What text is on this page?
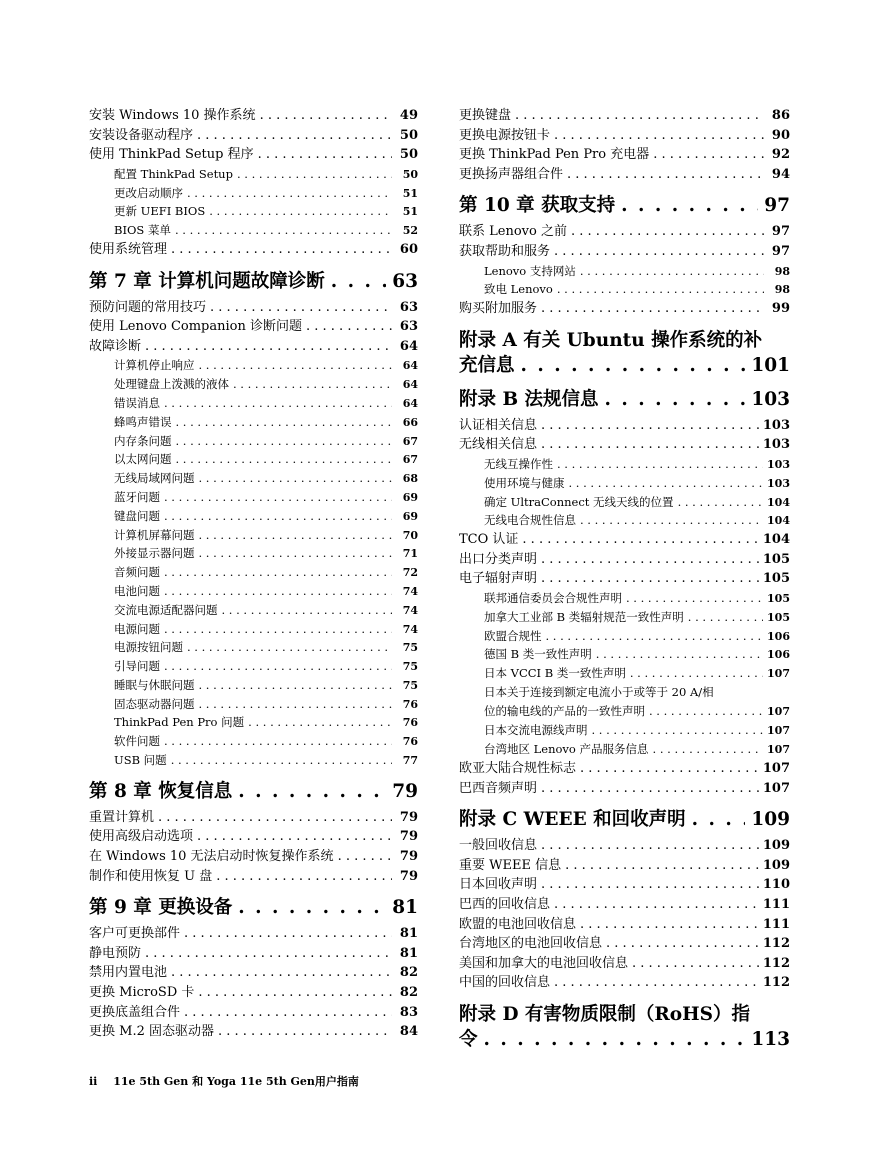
安装 Windows 10 操作系统 . . .	49
安装设备驱动程序 . . .	50
使用 ThinkPad Setup 程序 . . .	50
配置 ThinkPad Setup . . .	50
更改启动顺序 . . .	51
更新 UEFI BIOS . . .	51
BIOS 菜单 . . .	52
使用系统管理 . . .	60
第 7 章 计算机问题故障诊断 . . .	63
预防问题的常用技巧 . . .	63
使用 Lenovo Companion 诊断问题 . . .	63
故障诊断 . . .	64
计算机停止响应 . . .	64
处理键盘上泼溅的液体 . . .	64
错误消息 . . .	64
蜂鸣声错误 . . .	66
内存条问题 . . .	67
以太网问题 . . .	67
无线局域网问题 . . .	68
蓝牙问题 . . .	69
键盘问题 . . .	69
计算机屏幕问题 . . .	70
外接显示器问题 . . .	71
音频问题 . . .	72
电池问题 . . .	74
交流电源适配器问题 . . .	74
电源问题 . . .	74
电源按钮问题 . . .	75
引导问题 . . .	75
睡眠与休眠问题 . . .	75
固态驱动器问题 . . .	76
ThinkPad Pen Pro 问题 . . .	76
软件问题 . . .	76
USB 问题 . . .	77
第 8 章 恢复信息 . . .	79
重置计算机 . . .	79
使用高级启动选项 . . .	79
在 Windows 10 无法启动时恢复操作系统 . . .	79
制作和使用恢复 U 盘 . . .	79
第 9 章 更换设备 . . .	81
客户可更换部件 . . .	81
静电预防 . . .	81
禁用内置电池 . . .	82
更换 MicroSD 卡 . . .	82
更换底盖组合件 . . .	83
更换 M.2 固态驱动器 . . .	84
更换键盘 . . .	86
更换电源按钮卡 . . .	90
更换 ThinkPad Pen Pro 充电器 . . .	92
更换扬声器组合件 . . .	94
第 10 章 获取支持 . . .	97
联系 Lenovo 之前 . . .	97
获取帮助和服务 . . .	97
Lenovo 支持网站 . . .	98
致电 Lenovo . . .	98
购买附加服务 . . .	99
附录 A 有关 Ubuntu 操作系统的补
充信息 . . .	101
附录 B 法规信息 . . .	103
认证相关信息 . . .	103
无线相关信息 . . .	103
无线互操作性 . . .	103
使用环境与健康 . . .	103
确定 UltraConnect 无线天线的位置 . . .	104
无线电合规性信息 . . .	104
TCO 认证 . . .	104
出口分类声明 . . .	105
电子辐射声明 . . .	105
联邦通信委员会合规性声明 . . .	105
加拿大工业部 B 类辐射规范一致性声明 . . .	105
欧盟合规性 . . .	106
德国 B 类一致性声明 . . .	106
日本 VCCI B 类一致性声明 . . .	107
日本关于连接到额定电流小于或等于 20 A/相
位的输电线的产品的一致性声明 . . .	107
日本交流电源线声明 . . .	107
台湾地区 Lenovo 产品服务信息 . . .	107
欧亚大陆合规性标志 . . .	107
巴西音频声明 . . .	107
附录 C WEEE 和回收声明 . . .	109
一般回收信息 . . .	109
重要 WEEE 信息 . . .	109
日本回收声明 . . .	110
巴西的回收信息 . . .	111
欧盟的电池回收信息 . . .	111
台湾地区的电池回收信息 . . .	112
美国和加拿大的电池回收信息 . . .	112
中国的回收信息 . . .	112
附录 D 有害物质限制（RoHS）指
令 . . .	113
ii 11e 5th Gen 和 Yoga 11e 5th Gen用户指南
